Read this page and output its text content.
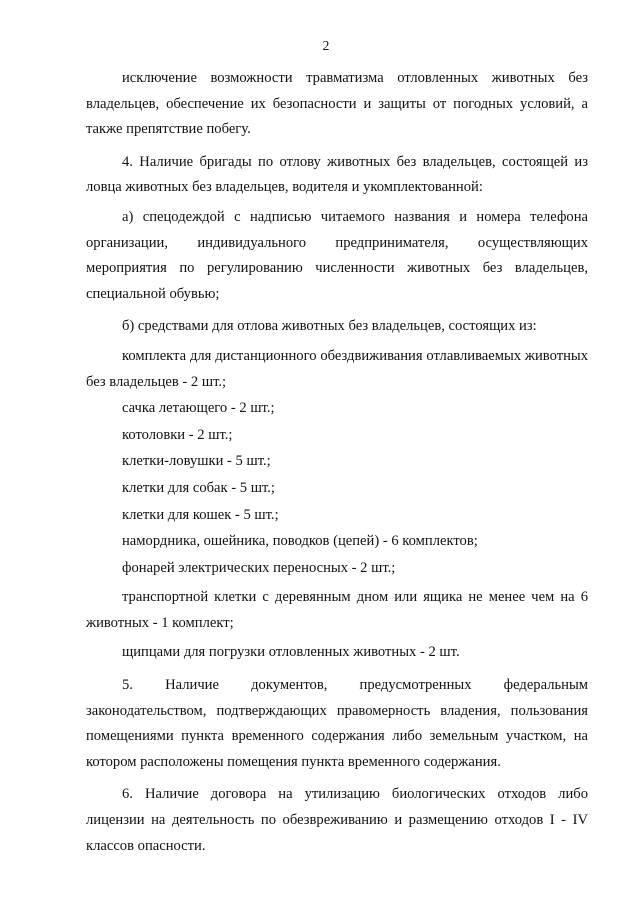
2

исключение возможности травматизма отловленных животных без владельцев, обеспечение их безопасности и защиты от погодных условий, а также препятствие побегу.

4. Наличие бригады по отлову животных без владельцев, состоящей из ловца животных без владельцев, водителя и укомплектованной:

а) спецодеждой с надписью читаемого названия и номера телефона организации, индивидуального предпринимателя, осуществляющих мероприятия по регулированию численности животных без владельцев, специальной обувью;

б) средствами для отлова животных без владельцев, состоящих из:

комплекта для дистанционного обездвиживания отлавливаемых животных без владельцев - 2 шт.;

сачка летающего - 2 шт.;

котоловки - 2 шт.;

клетки-ловушки - 5 шт.;

клетки для собак - 5 шт.;

клетки для кошек - 5 шт.;

намордника, ошейника, поводков (цепей) - 6 комплектов;

фонарей электрических переносных - 2 шт.;

транспортной клетки с деревянным дном или ящика не менее чем на 6 животных - 1 комплект;

щипцами для погрузки отловленных животных - 2 шт.

5. Наличие документов, предусмотренных федеральным законодательством, подтверждающих правомерность владения, пользования помещениями пункта временного содержания либо земельным участком, на котором расположены помещения пункта временного содержания.

6. Наличие договора на утилизацию биологических отходов либо лицензии на деятельность по обезвреживанию и размещению отходов I - IV классов опасности.
